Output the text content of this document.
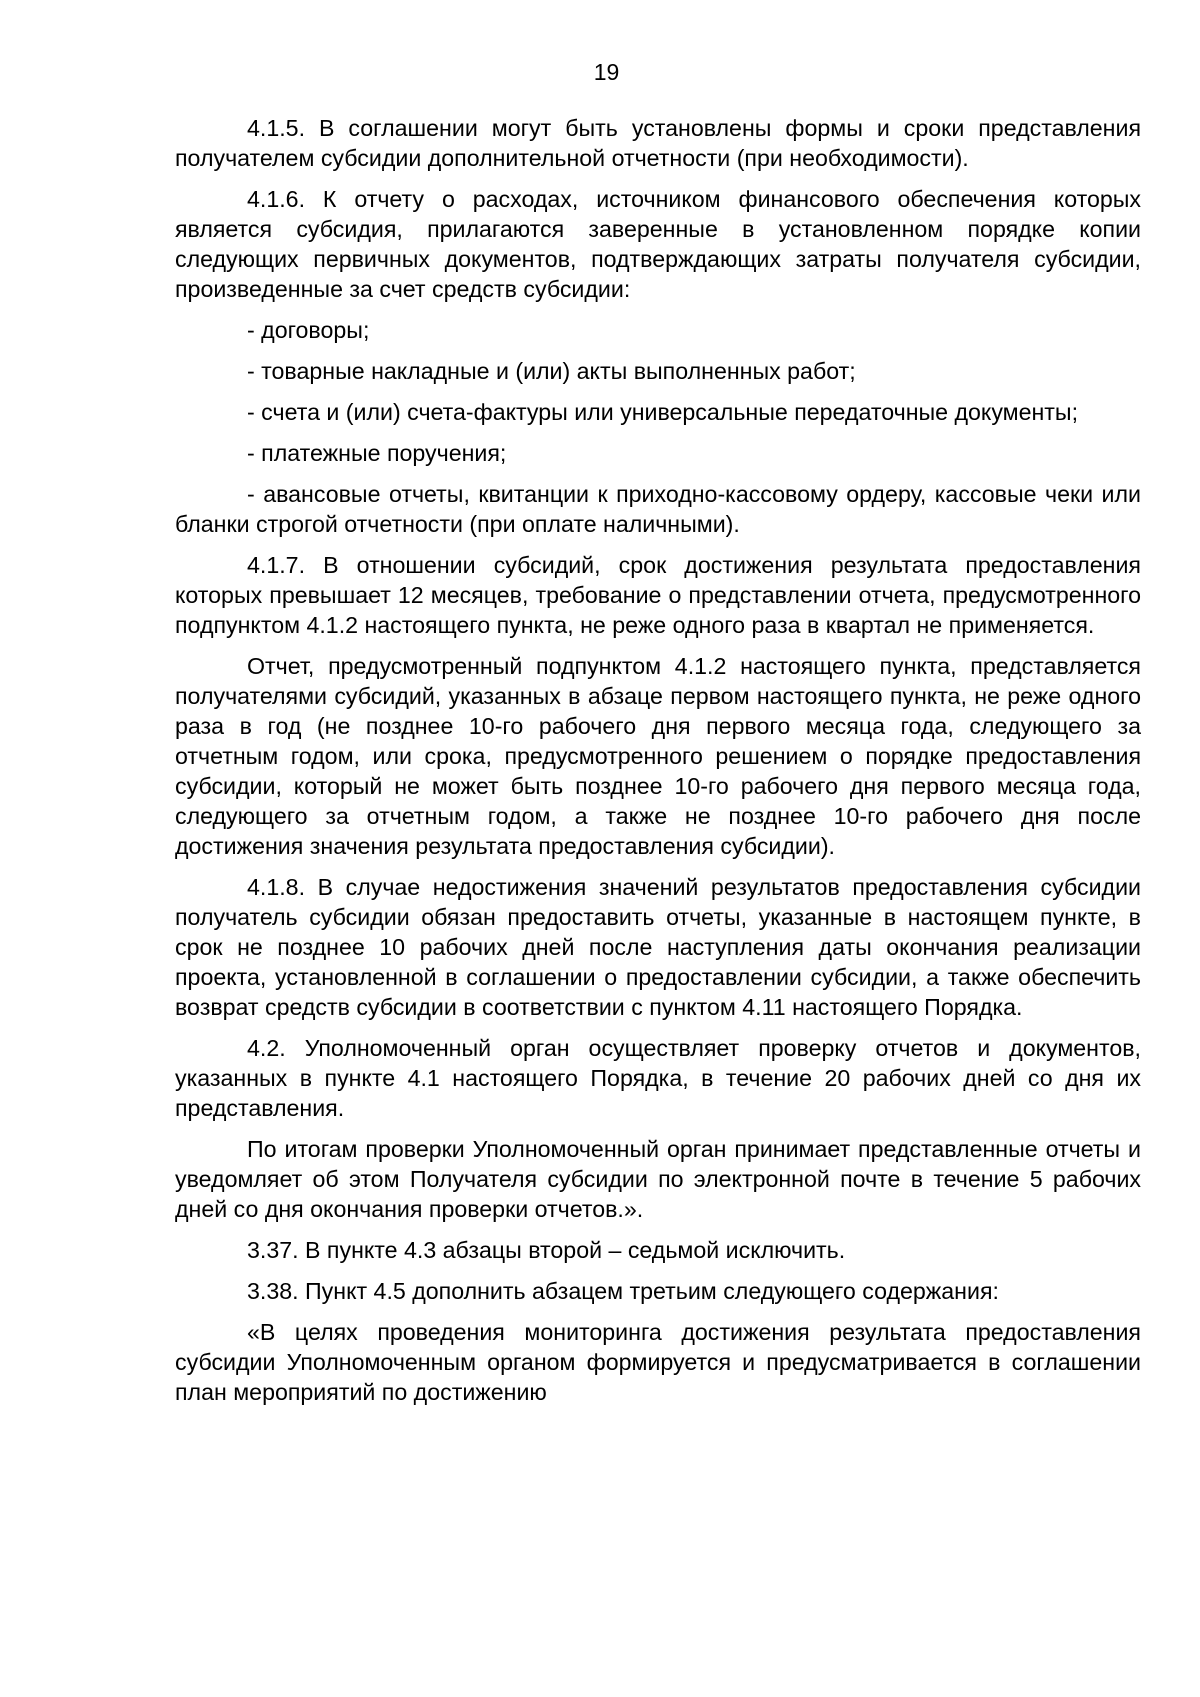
19

4.1.5. В соглашении могут быть установлены формы и сроки представления получателем субсидии дополнительной отчетности (при необходимости).

4.1.6. К отчету о расходах, источником финансового обеспечения которых является субсидия, прилагаются заверенные в установленном порядке копии следующих первичных документов, подтверждающих затраты получателя субсидии, произведенные за счет средств субсидии:

- договоры;

- товарные накладные и (или) акты выполненных работ;

- счета и (или) счета-фактуры или универсальные передаточные документы;

- платежные поручения;

- авансовые отчеты, квитанции к приходно-кассовому ордеру, кассовые чеки или бланки строгой отчетности (при оплате наличными).

4.1.7. В отношении субсидий, срок достижения результата предоставления которых превышает 12 месяцев, требование о представлении отчета, предусмотренного подпунктом 4.1.2 настоящего пункта, не реже одного раза в квартал не применяется.

Отчет, предусмотренный подпунктом 4.1.2 настоящего пункта, представляется получателями субсидий, указанных в абзаце первом настоящего пункта, не реже одного раза в год (не позднее 10-го рабочего дня первого месяца года, следующего за отчетным годом, или срока, предусмотренного решением о порядке предоставления субсидии, который не может быть позднее 10-го рабочего дня первого месяца года, следующего за отчетным годом, а также не позднее 10-го рабочего дня после достижения значения результата предоставления субсидии).

4.1.8. В случае недостижения значений результатов предоставления субсидии получатель субсидии обязан предоставить отчеты, указанные в настоящем пункте, в срок не позднее 10 рабочих дней после наступления даты окончания реализации проекта, установленной в соглашении о предоставлении субсидии, а также обеспечить возврат средств субсидии в соответствии с пунктом 4.11 настоящего Порядка.

4.2. Уполномоченный орган осуществляет проверку отчетов и документов, указанных в пункте 4.1 настоящего Порядка, в течение 20 рабочих дней со дня их представления.

По итогам проверки Уполномоченный орган принимает представленные отчеты и уведомляет об этом Получателя субсидии по электронной почте в течение 5 рабочих дней со дня окончания проверки отчетов.».

3.37. В пункте 4.3 абзацы второй – седьмой исключить.

3.38. Пункт 4.5 дополнить абзацем третьим следующего содержания:

«В целях проведения мониторинга достижения результата предоставления субсидии Уполномоченным органом формируется и предусматривается в соглашении план мероприятий по достижению
